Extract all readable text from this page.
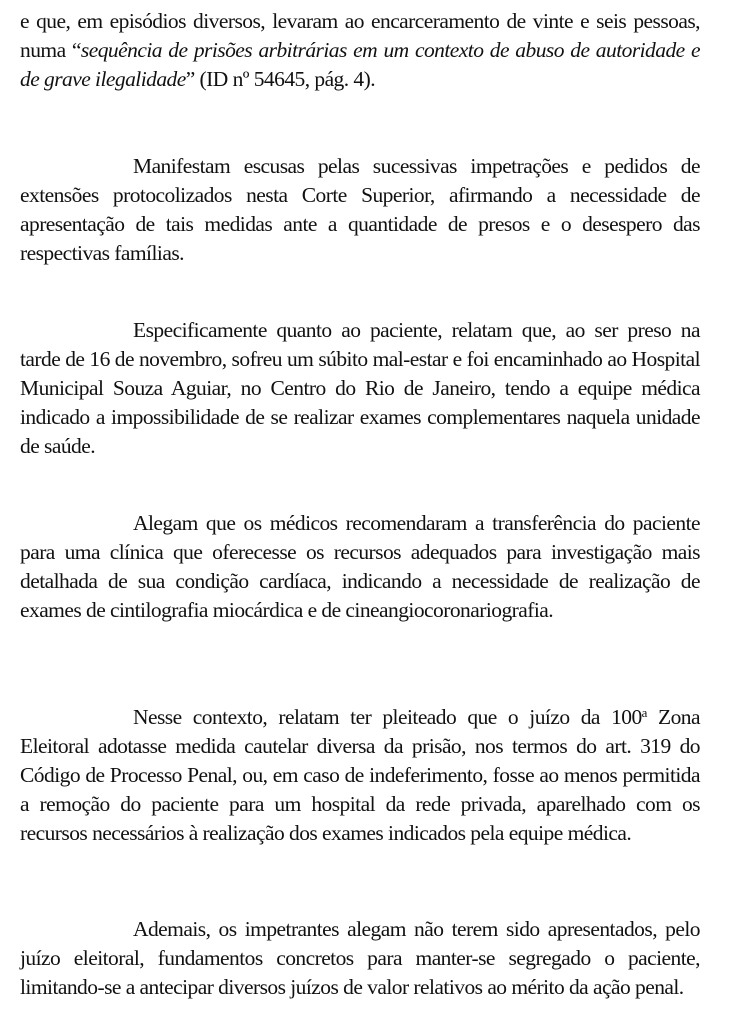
e que, em episódios diversos, levaram ao encarceramento de vinte e seis pessoas, numa “sequência de prisões arbitrárias em um contexto de abuso de autoridade e de grave ilegalidade” (ID nº 54645, pág. 4).

Manifestam escusas pelas sucessivas impetrações e pedidos de extensões protocolizados nesta Corte Superior, afirmando a necessidade de apresentação de tais medidas ante a quantidade de presos e o desespero das respectivas famílias.

Especificamente quanto ao paciente, relatam que, ao ser preso na tarde de 16 de novembro, sofreu um súbito mal-estar e foi encaminhado ao Hospital Municipal Souza Aguiar, no Centro do Rio de Janeiro, tendo a equipe médica indicado a impossibilidade de se realizar exames complementares naquela unidade de saúde.

Alegam que os médicos recomendaram a transferência do paciente para uma clínica que oferecesse os recursos adequados para investigação mais detalhada de sua condição cardíaca, indicando a necessidade de realização de exames de cintilografia miocárdica e de cineangiocoronariografia.

Nesse contexto, relatam ter pleiteado que o juízo da 100$^a$ Zona Eleitoral adotasse medida cautelar diversa da prisão, nos termos do art. 319 do Código de Processo Penal, ou, em caso de indeferimento, fosse ao menos permitida a remoção do paciente para um hospital da rede privada, aparelhado com os recursos necessários à realização dos exames indicados pela equipe médica.

Ademais, os impetrantes alegam não terem sido apresentados, pelo juízo eleitoral, fundamentos concretos para manter-se segregado o paciente, limitando-se a antecipar diversos juízos de valor relativos ao mérito da ação penal.
